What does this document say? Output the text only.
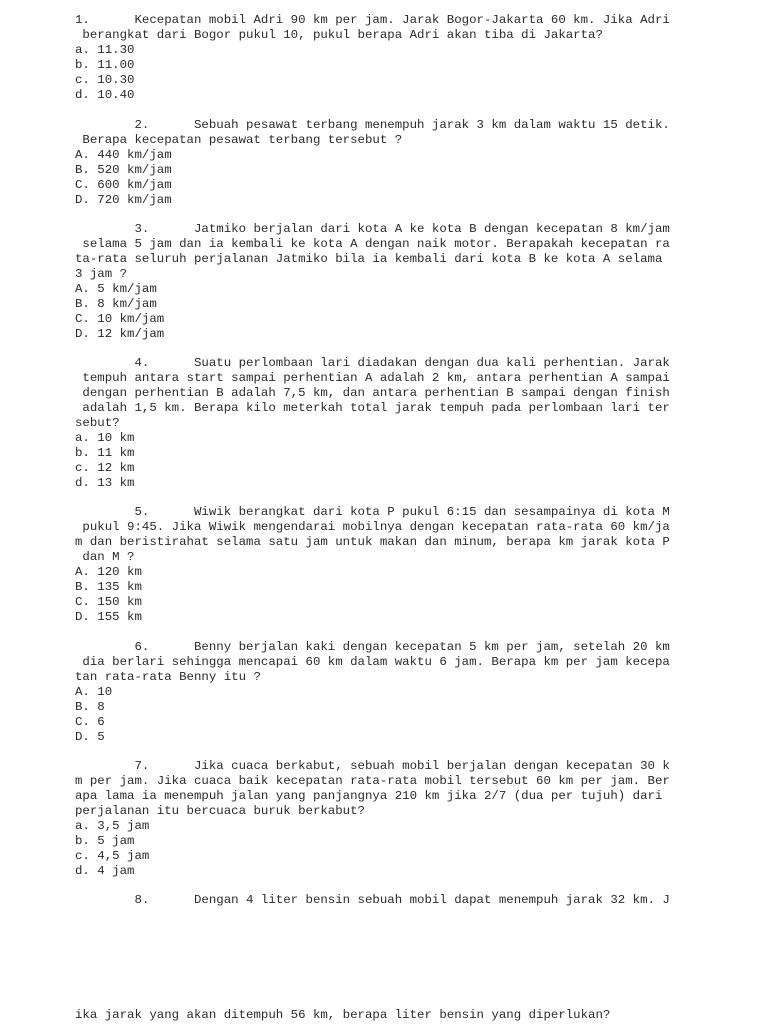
1.      Kecepatan mobil Adri 90 km per jam. Jarak Bogor-Jakarta 60 km. Jika Adri
berangkat dari Bogor pukul 10, pukul berapa Adri akan tiba di Jakarta?
a. 11.30
b. 11.00
c. 10.30
d. 10.40
2.      Sebuah pesawat terbang menempuh jarak 3 km dalam waktu 15 detik.
Berapa kecepatan pesawat terbang tersebut ?
A. 440 km/jam
B. 520 km/jam
C. 600 km/jam
D. 720 km/jam
3.      Jatmiko berjalan dari kota A ke kota B dengan kecepatan 8 km/jam
selama 5 jam dan ia kembali ke kota A dengan naik motor. Berapakah kecepatan ra
ta-rata seluruh perjalanan Jatmiko bila ia kembali dari kota B ke kota A selama
3 jam ?
A. 5 km/jam
B. 8 km/jam
C. 10 km/jam
D. 12 km/jam
4.      Suatu perlombaan lari diadakan dengan dua kali perhentian. Jarak
tempuh antara start sampai perhentian A adalah 2 km, antara perhentian A sampai
dengan perhentian B adalah 7,5 km, dan antara perhentian B sampai dengan finish
adalah 1,5 km. Berapa kilo meterkah total jarak tempuh pada perlombaan lari ter
sebut?
a. 10 km
b. 11 km
c. 12 km
d. 13 km
5.      Wiwik berangkat dari kota P pukul 6:15 dan sesampainya di kota M
pukul 9:45. Jika Wiwik mengendarai mobilnya dengan kecepatan rata-rata 60 km/ja
m dan beristirahat selama satu jam untuk makan dan minum, berapa km jarak kota P
dan M ?
A. 120 km
B. 135 km
C. 150 km
D. 155 km
6.      Benny berjalan kaki dengan kecepatan 5 km per jam, setelah 20 km
dia berlari sehingga mencapai 60 km dalam waktu 6 jam. Berapa km per jam kecepa
tan rata-rata Benny itu ?
A. 10
B. 8
C. 6
D. 5
7.      Jika cuaca berkabut, sebuah mobil berjalan dengan kecepatan 30 k
m per jam. Jika cuaca baik kecepatan rata-rata mobil tersebut 60 km per jam. Ber
apa lama ia menempuh jalan yang panjangnya 210 km jika 2/7 (dua per tujuh) dari
perjalanan itu bercuaca buruk berkabut?
a. 3,5 jam
b. 5 jam
c. 4,5 jam
d. 4 jam
8.      Dengan 4 liter bensin sebuah mobil dapat menempuh jarak 32 km. J
ika jarak yang akan ditempuh 56 km, berapa liter bensin yang diperlukan?
